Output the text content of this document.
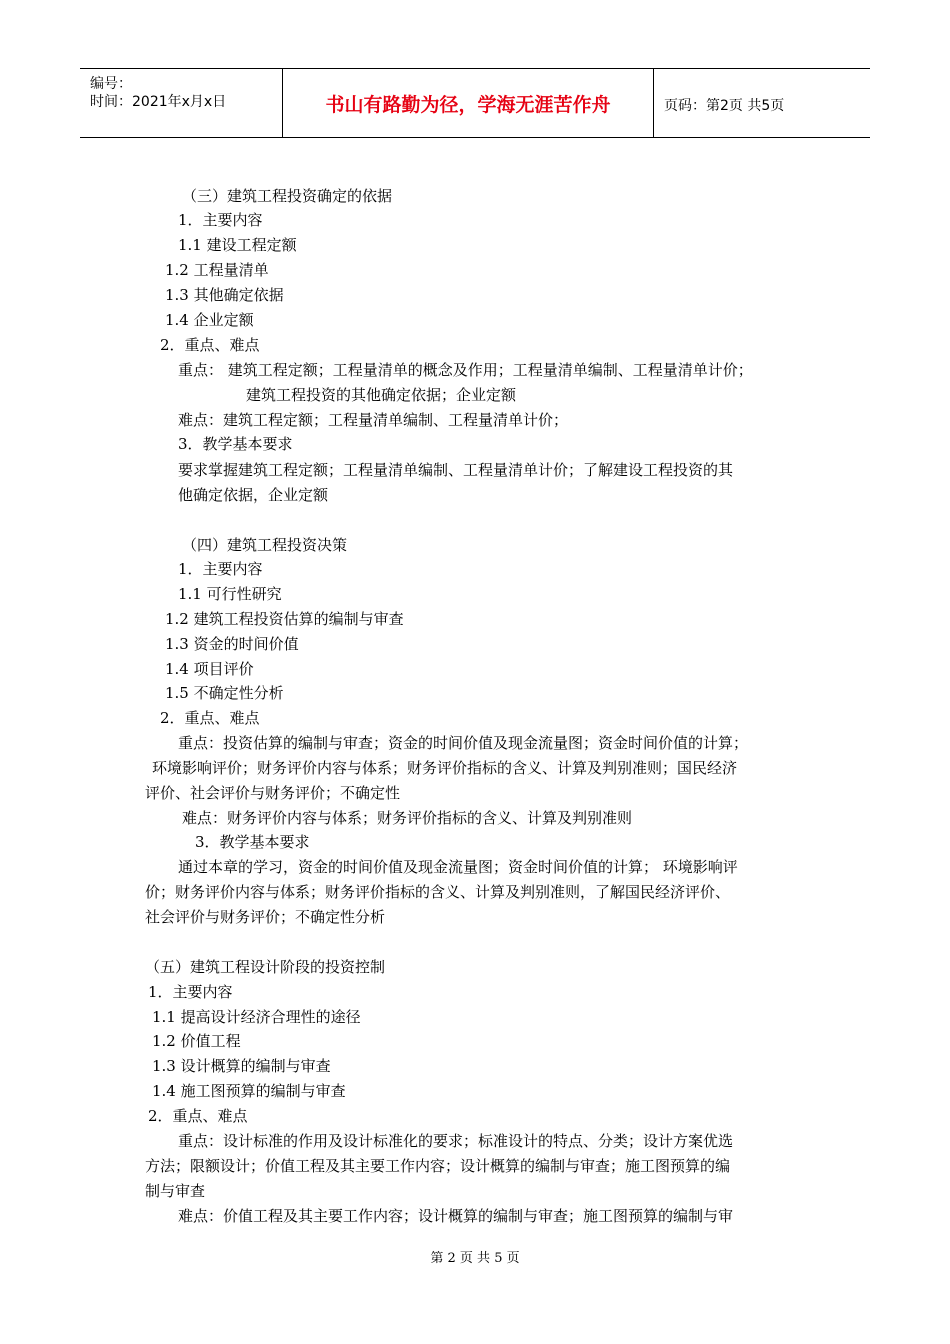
编号：
时间：2021年x月x日	书山有路勤为径，学海无涯苦作舟	页码：第2页 共5页
（三）建筑工程投资确定的依据
1．主要内容
1.1 建设工程定额
1.2 工程量清单
1.3 其他确定依据
1.4 企业定额
2．重点、难点
重点： 建筑工程定额；工程量清单的概念及作用；工程量清单编制、工程量清单计价；
建筑工程投资的其他确定依据；企业定额
难点：建筑工程定额；工程量清单编制、工程量清单计价；
3．教学基本要求
要求掌握建筑工程定额；工程量清单编制、工程量清单计价；了解建设工程投资的其
他确定依据，企业定额
（四）建筑工程投资决策
1．主要内容
1.1 可行性研究
1.2 建筑工程投资估算的编制与审查
1.3 资金的时间价值
1.4 项目评价
1.5 不确定性分析
2．重点、难点
重点：投资估算的编制与审查；资金的时间价值及现金流量图；资金时间价值的计算；
环境影响评价；财务评价内容与体系；财务评价指标的含义、计算及判别准则；国民经济
评价、社会评价与财务评价；不确定性
难点：财务评价内容与体系；财务评价指标的含义、计算及判别准则
3．教学基本要求
通过本章的学习，资金的时间价值及现金流量图；资金时间价值的计算； 环境影响评
价；财务评价内容与体系；财务评价指标的含义、计算及判别准则，了解国民经济评价、
社会评价与财务评价；不确定性分析
（五）建筑工程设计阶段的投资控制
1．主要内容
1.1 提高设计经济合理性的途径
1.2 价值工程
1.3 设计概算的编制与审查
1.4 施工图预算的编制与审查
2．重点、难点
重点：设计标准的作用及设计标准化的要求；标准设计的特点、分类；设计方案优选
方法；限额设计；价值工程及其主要工作内容；设计概算的编制与审查；施工图预算的编
制与审查
难点：价值工程及其主要工作内容；设计概算的编制与审查；施工图预算的编制与审
第 2 页 共 5 页
